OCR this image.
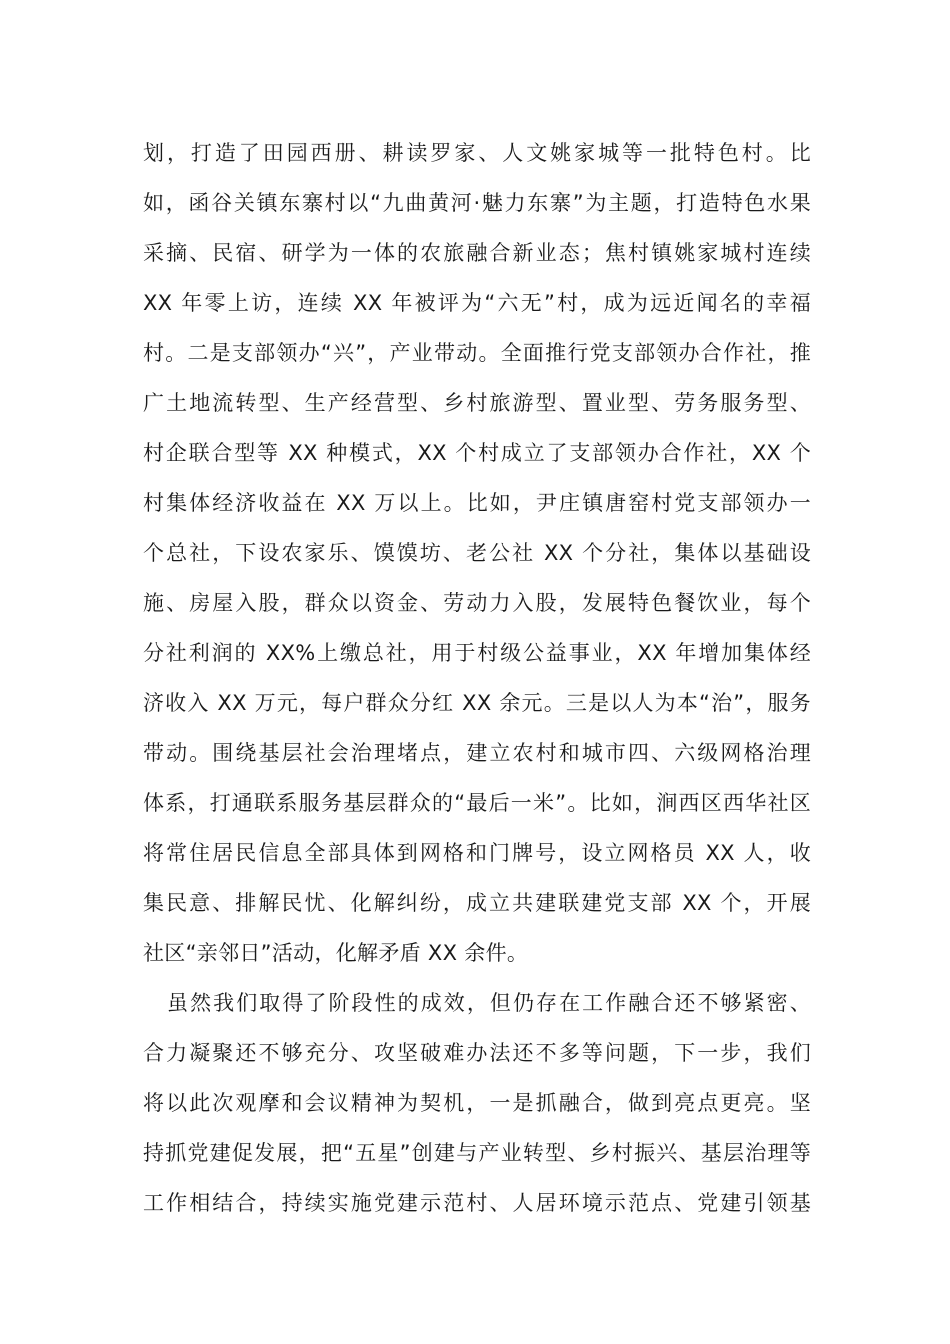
划，打造了田园西册、耕读罗家、人文姚家城等一批特色村。比
如，函谷关镇东寨村以“九曲黄河·魅力东寨”为主题，打造特色水果
采摘、民宿、研学为一体的农旅融合新业态；焦村镇姚家城村连续
XX 年零上访，连续 XX 年被评为“六无”村，成为远近闻名的幸福
村。二是支部领办“兴”，产业带动。全面推行党支部领办合作社，推
广土地流转型、生产经营型、乡村旅游型、置业型、劳务服务型、
村企联合型等 XX 种模式，XX 个村成立了支部领办合作社，XX 个
村集体经济收益在 XX 万以上。比如，尹庄镇唐窑村党支部领办一
个总社，下设农家乐、馍馍坊、老公社 XX 个分社，集体以基础设
施、房屋入股，群众以资金、劳动力入股，发展特色餐饮业，每个
分社利润的 XX%上缴总社，用于村级公益事业，XX 年增加集体经
济收入 XX 万元，每户群众分红 XX 余元。三是以人为本“治”，服务
带动。围绕基层社会治理堵点，建立农村和城市四、六级网格治理
体系，打通联系服务基层群众的“最后一米”。比如，涧西区西华社区
将常住居民信息全部具体到网格和门牌号，设立网格员 XX 人，收
集民意、排解民忧、化解纠纷，成立共建联建党支部 XX 个，开展
社区“亲邻日”活动，化解矛盾 XX 余件。
虽然我们取得了阶段性的成效，但仍存在工作融合还不够紧密、
合力凝聚还不够充分、攻坚破难办法还不多等问题，下一步，我们
将以此次观摩和会议精神为契机，一是抓融合，做到亮点更亮。坚
持抓党建促发展，把“五星”创建与产业转型、乡村振兴、基层治理等
工作相结合，持续实施党建示范村、人居环境示范点、党建引领基
